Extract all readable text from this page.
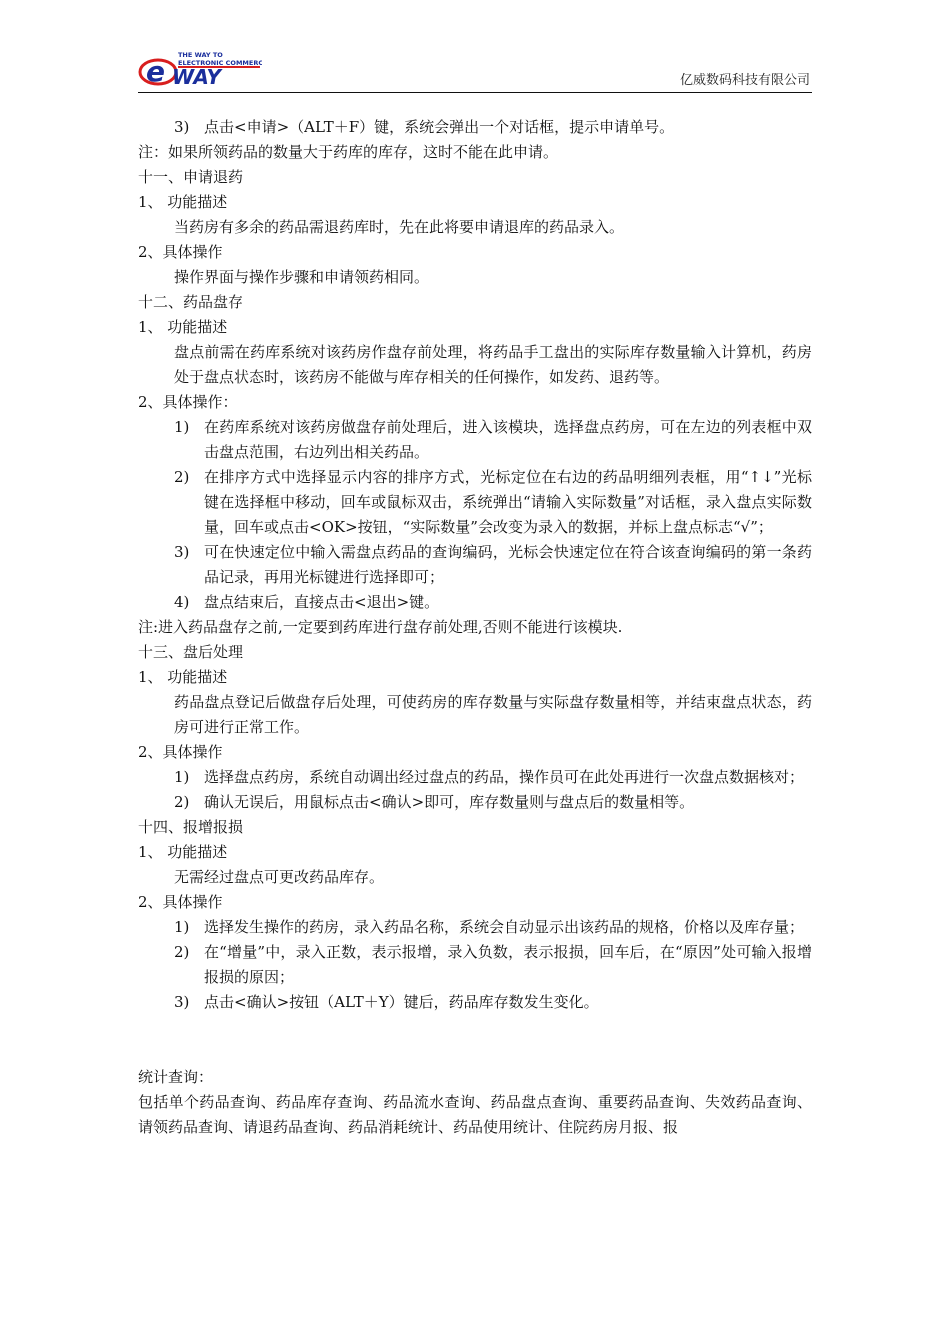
e WAY
THE WAY TO
ELECTRONIC COMMERCE
亿威数码科技有限公司
3) 点击<申请>（ALT＋F）键，系统会弹出一个对话框，提示申请单号。
注：如果所领药品的数量大于药库的库存，这时不能在此申请。
十一、申请退药
1、 功能描述
当药房有多余的药品需退药库时，先在此将要申请退库的药品录入。
2、具体操作
操作界面与操作步骤和申请领药相同。
十二、药品盘存
1、 功能描述
盘点前需在药库系统对该药房作盘存前处理，将药品手工盘出的实际库存数量输入计算机，药房处于盘点状态时，该药房不能做与库存相关的任何操作，如发药、退药等。
2、具体操作：
1) 在药库系统对该药房做盘存前处理后，进入该模块，选择盘点药房，可在左边的列表框中双击盘点范围，右边列出相关药品。
2) 在排序方式中选择显示内容的排序方式，光标定位在右边的药品明细列表框，用“↑↓”光标键在选择框中移动，回车或鼠标双击，系统弹出“请输入实际数量”对话框，录入盘点实际数量，回车或点击<OK>按钮，“实际数量”会改变为录入的数据，并标上盘点标志“√”；
3) 可在快速定位中输入需盘点药品的查询编码，光标会快速定位在符合该查询编码的第一条药品记录，再用光标键进行选择即可；
4) 盘点结束后，直接点击<退出>键。
注:进入药品盘存之前,一定要到药库进行盘存前处理,否则不能进行该模块.
十三、盘后处理
1、 功能描述
药品盘点登记后做盘存后处理，可使药房的库存数量与实际盘存数量相等，并结束盘点状态，药房可进行正常工作。
2、具体操作
1) 选择盘点药房，系统自动调出经过盘点的药品，操作员可在此处再进行一次盘点数据核对；
2) 确认无误后，用鼠标点击<确认>即可，库存数量则与盘点后的数量相等。
十四、报增报损
1、 功能描述
无需经过盘点可更改药品库存。
2、具体操作
1) 选择发生操作的药房，录入药品名称，系统会自动显示出该药品的规格，价格以及库存量；
2) 在“增量”中，录入正数，表示报增，录入负数，表示报损，回车后，在“原因”处可输入报增报损的原因；
3) 点击<确认>按钮（ALT＋Y）键后，药品库存数发生变化。
统计查询：
包括单个药品查询、药品库存查询、药品流水查询、药品盘点查询、重要药品查询、失效药品查询、请领药品查询、请退药品查询、药品消耗统计、药品使用统计、住院药房月报、报
